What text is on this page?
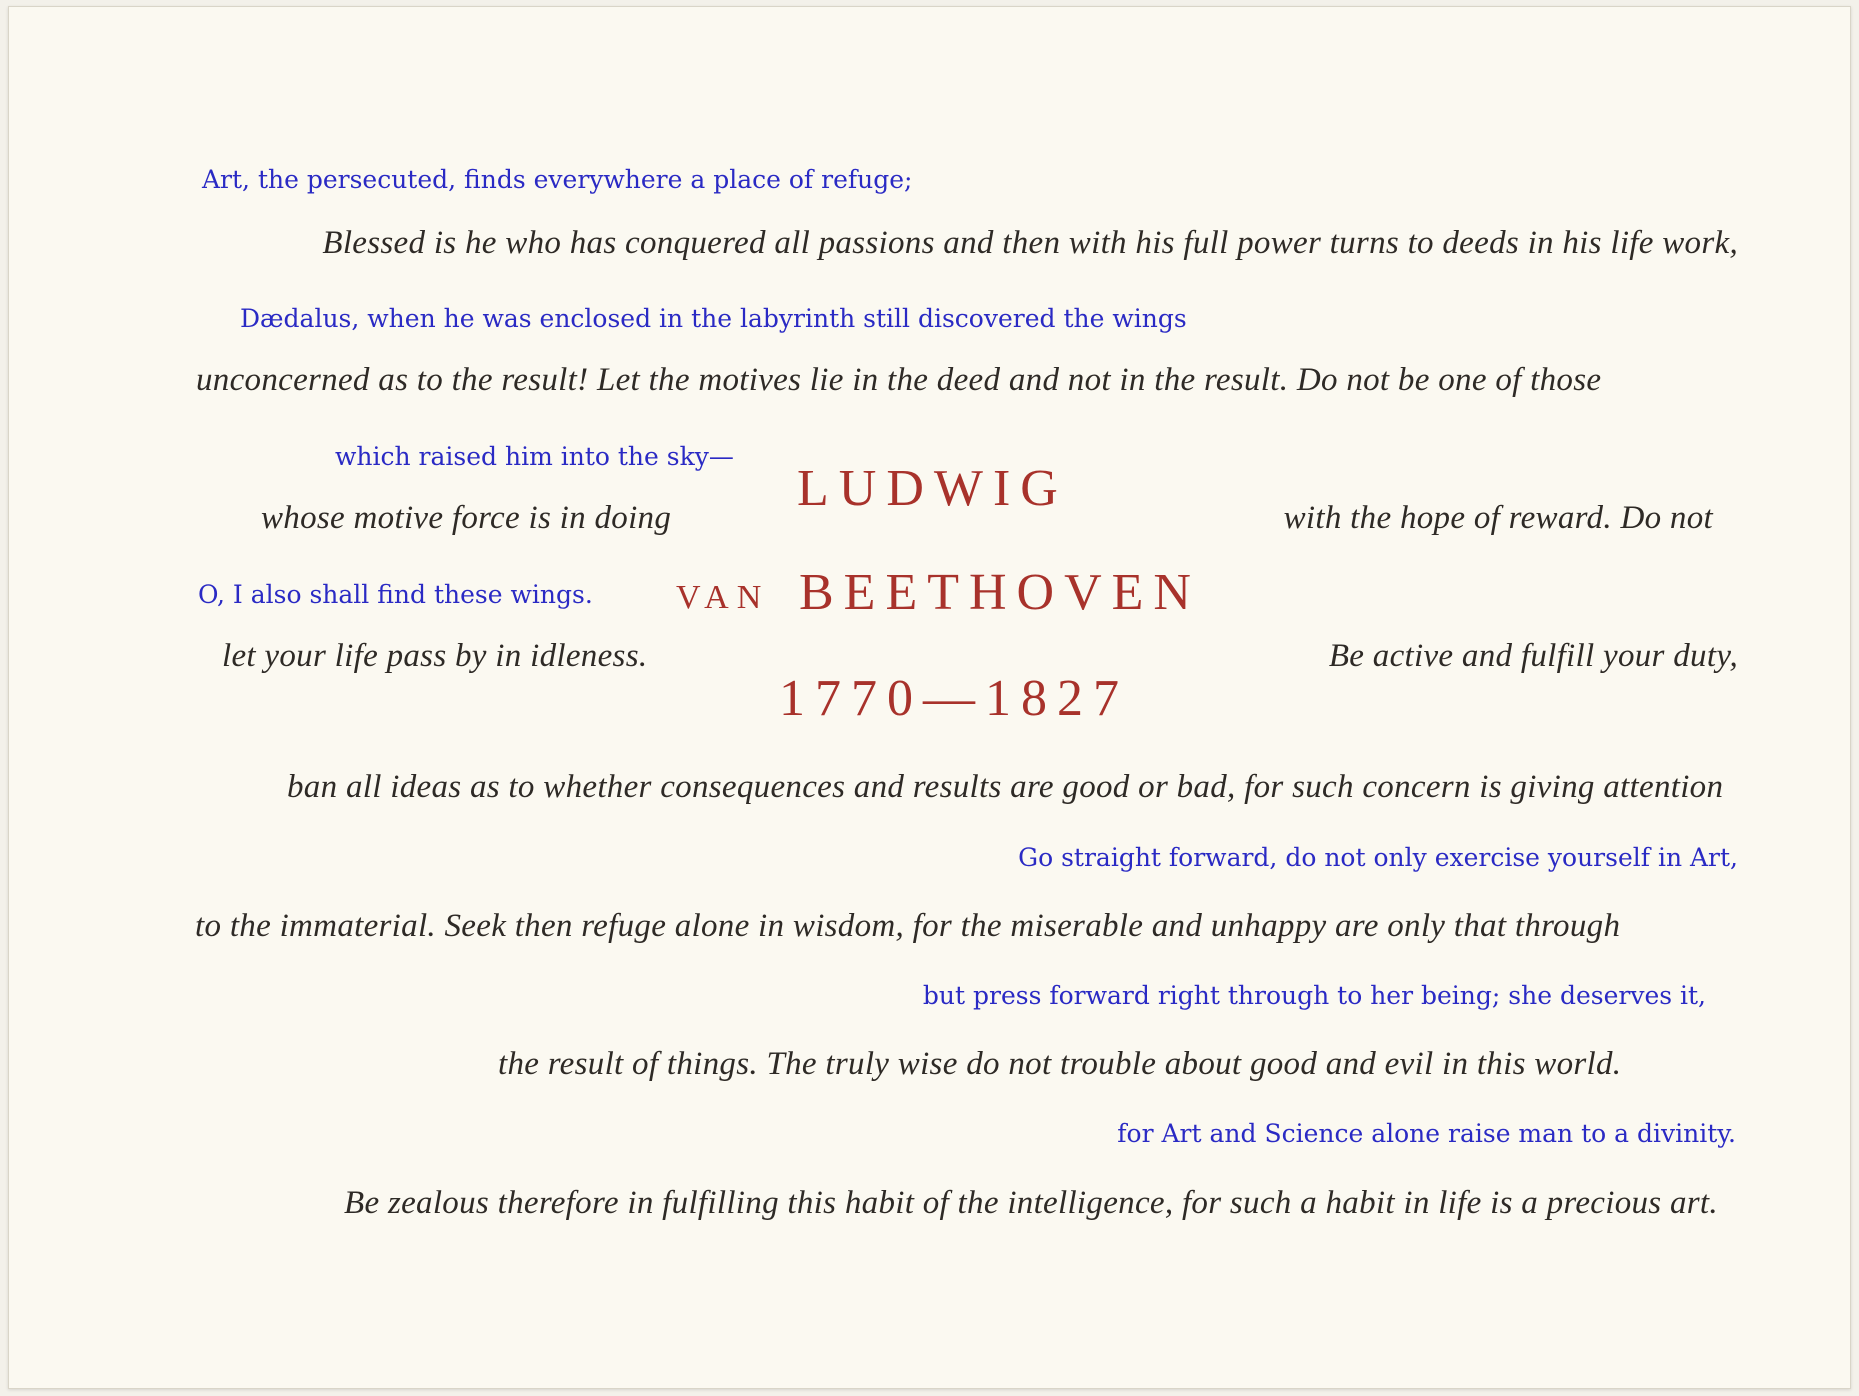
Art, the persecuted, finds everywhere a place of refuge;
Dædalus, when he was enclosed in the labyrinth still discovered the wings
which raised him into the sky—
O, I also shall find these wings.
Go straight forward, do not only exercise yourself in Art,
but press forward right through to her being; she deserves it,
for Art and Science alone raise man to a divinity.
Blessed is he who has conquered all passions and then with his full power turns to deeds in his life work,
unconcerned as to the result! Let the motives lie in the deed and not in the result. Do not be one of those
whose motive force is in doing	with the hope of reward. Do not
let your life pass by in idleness.	Be active and fulfill your duty,
ban all ideas as to whether consequences and results are good or bad, for such concern is giving attention
to the immaterial. Seek then refuge alone in wisdom, for the miserable and unhappy are only that through
the result of things. The truly wise do not trouble about good and evil in this world.
Be zealous therefore in fulfilling this habit of the intelligence, for such a habit in life is a precious art.
LUDWIG
VAN BEETHOVEN
1770—1827
